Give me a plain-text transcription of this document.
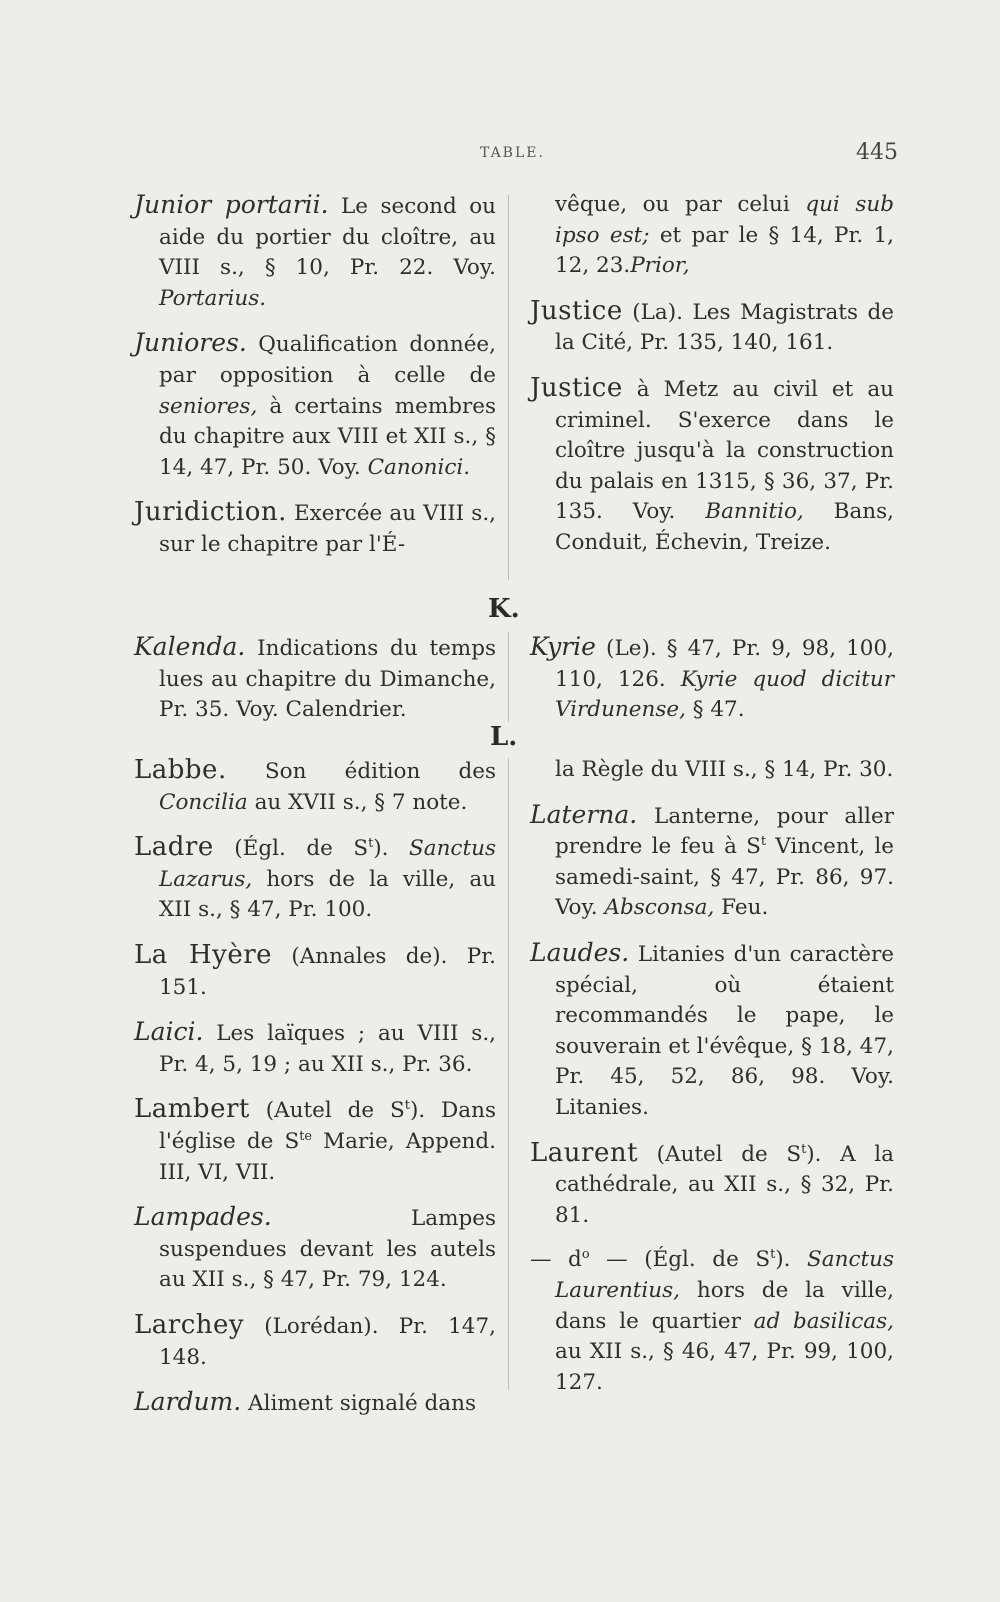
TABLE.	445

Junior portarii. Le second ou aide du portier du cloître, au VIII s., § 10, Pr. 22. Voy. Portarius.

Juniores. Qualification donnée, par opposition à celle de seniores, à certains membres du chapitre aux VIII et XII s., § 14, 47, Pr. 50. Voy. Canonici.

Juridiction. Exercée au VIII s., sur le chapitre par l'É-

vêque, ou par celui qui sub ipso est; et par le § 14, Pr. 1, 12, 23.Prior,

Justice (La). Les Magistrats de la Cité, Pr. 135, 140, 161.

Justice à Metz au civil et au criminel. S'exerce dans le cloître jusqu'à la construction du palais en 1315, § 36, 37, Pr. 135. Voy. Bannitio, Bans, Conduit, Échevin, Treize.

K.

Kalenda. Indications du temps lues au chapitre du Dimanche, Pr. 35. Voy. Calendrier.

Kyrie (Le). § 47, Pr. 9, 98, 100, 110, 126. Kyrie quod dicitur Virdunense, § 47.

L.

Labbe. Son édition des Concilia au XVII s., § 7 note.

Ladre (Égl. de $S^t$). Sanctus Lazarus, hors de la ville, au XII s., § 47, Pr. 100.

La Hyère (Annales de). Pr. 151.

Laici. Les laïques ; au VIII s., Pr. 4, 5, 19 ; au XII s., Pr. 36.

Lambert (Autel de $S^t$). Dans l'église de $S^{te}$ Marie, Append. III, VI, VII.

Lampades. Lampes suspendues devant les autels au XII s., § 47, Pr. 79, 124.

Larchey (Lorédan). Pr. 147, 148.

Lardum. Aliment signalé dans

la Règle du VIII s., § 14, Pr. 30.

Laterna. Lanterne, pour aller prendre le feu à $S^t$ Vincent, le samedi-saint, § 47, Pr. 86, 97. Voy. Absconsa, Feu.

Laudes. Litanies d'un caractère spécial, où étaient recommandés le pape, le souverain et l'évêque, § 18, 47, Pr. 45, 52, 86, 98. Voy. Litanies.

Laurent (Autel de $S^t$). A la cathédrale, au XII s., § 32, Pr. 81.

— $d^o$ — (Égl. de $S^t$). Sanctus Laurentius, hors de la ville, dans le quartier ad basilicas, au XII s., § 46, 47, Pr. 99, 100, 127.
